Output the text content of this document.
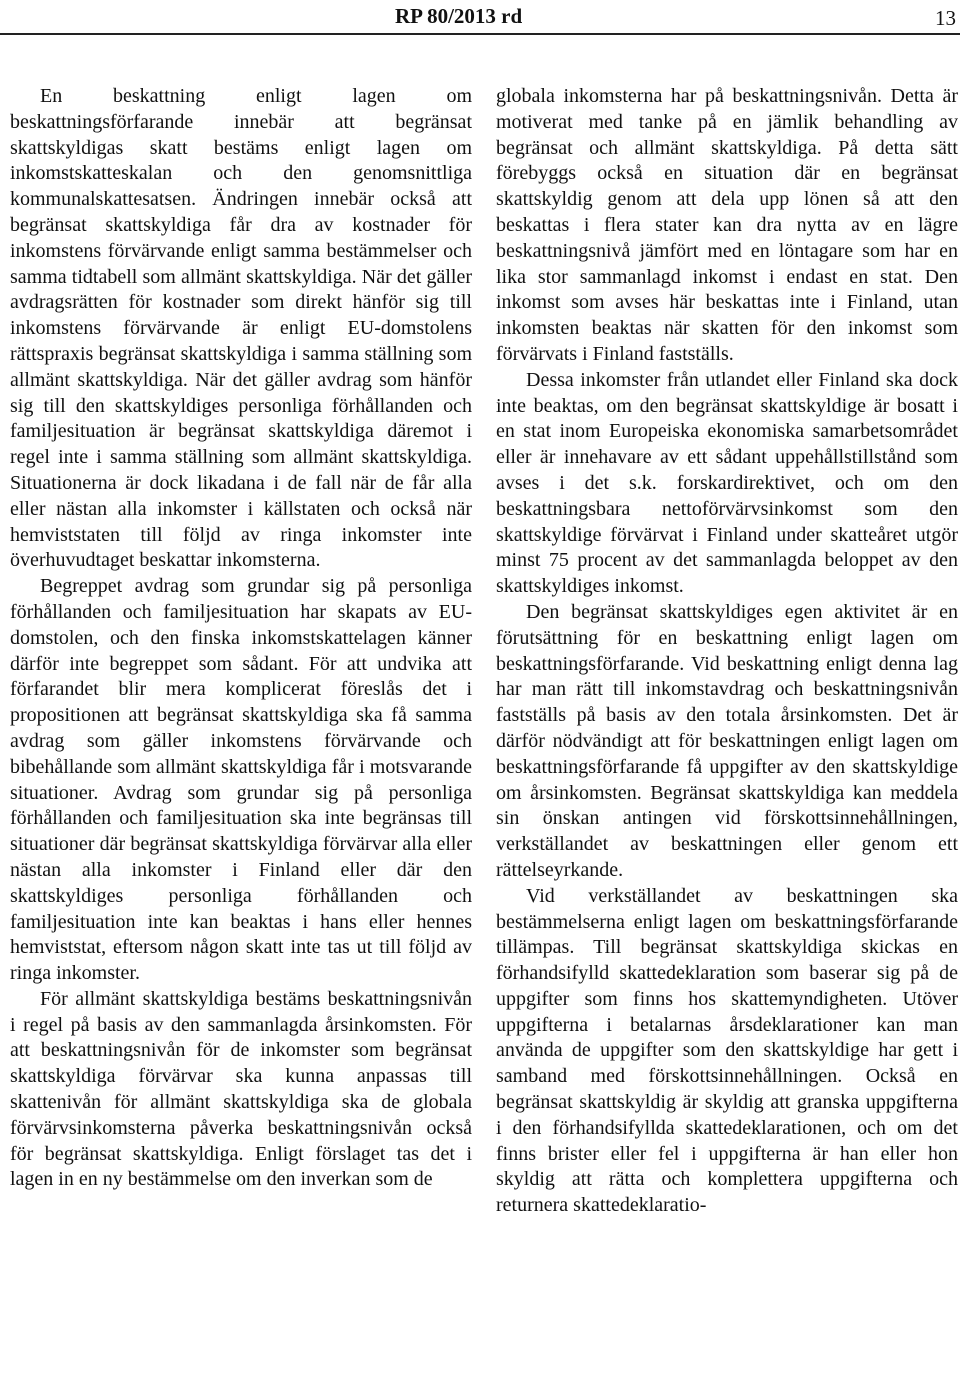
RP 80/2013 rd	13

En beskattning enligt lagen om beskattningsförfarande innebär att begränsat skattskyldigas skatt bestäms enligt lagen om inkomstskatteskalan och den genomsnittliga kommunalskattesatsen. Ändringen innebär också att begränsat skattskyldiga får dra av kostnader för inkomstens förvärvande enligt samma bestämmelser och samma tidtabell som allmänt skattskyldiga. När det gäller avdragsrätten för kostnader som direkt hänför sig till inkomstens förvärvande är enligt EU-domstolens rättspraxis begränsat skattskyldiga i samma ställning som allmänt skattskyldiga. När det gäller avdrag som hänför sig till den skattskyldiges personliga förhållanden och familjesituation är begränsat skattskyldiga däremot i regel inte i samma ställning som allmänt skattskyldiga. Situationerna är dock likadana i de fall när de får alla eller nästan alla inkomster i källstaten och också när hemviststaten till följd av ringa inkomster inte överhuvudtaget beskattar inkomsterna.

Begreppet avdrag som grundar sig på personliga förhållanden och familjesituation har skapats av EU-domstolen, och den finska inkomstskattelagen känner därför inte begreppet som sådant. För att undvika att förfarandet blir mera komplicerat föreslås det i propositionen att begränsat skattskyldiga ska få samma avdrag som gäller inkomstens förvärvande och bibehållande som allmänt skattskyldiga får i motsvarande situationer. Avdrag som grundar sig på personliga förhållanden och familjesituation ska inte begränsas till situationer där begränsat skattskyldiga förvärvar alla eller nästan alla inkomster i Finland eller där den skattskyldiges personliga förhållanden och familjesituation inte kan beaktas i hans eller hennes hemviststat, eftersom någon skatt inte tas ut till följd av ringa inkomster.

För allmänt skattskyldiga bestäms beskattningsnivån i regel på basis av den sammanlagda årsinkomsten. För att beskattningsnivån för de inkomster som begränsat skattskyldiga förvärvar ska kunna anpassas till skattenivån för allmänt skattskyldiga ska de globala förvärvsinkomsterna påverka beskattningsnivån också för begränsat skattskyldiga. Enligt förslaget tas det i lagen in en ny bestämmelse om den inverkan som de

globala inkomsterna har på beskattningsnivån. Detta är motiverat med tanke på en jämlik behandling av begränsat och allmänt skattskyldiga. På detta sätt förebyggs också en situation där en begränsat skattskyldig genom att dela upp lönen så att den beskattas i flera stater kan dra nytta av en lägre beskattningsnivå jämfört med en löntagare som har en lika stor sammanlagd inkomst i endast en stat. Den inkomst som avses här beskattas inte i Finland, utan inkomsten beaktas när skatten för den inkomst som förvärvats i Finland fastställs.

Dessa inkomster från utlandet eller Finland ska dock inte beaktas, om den begränsat skattskyldige är bosatt i en stat inom Europeiska ekonomiska samarbetsområdet eller är innehavare av ett sådant uppehållstillstånd som avses i det s.k. forskardirektivet, och om den beskattningsbara nettoförvärvsinkomst som den skattskyldige förvärvat i Finland under skatteåret utgör minst 75 procent av det sammanlagda beloppet av den skattskyldiges inkomst.

Den begränsat skattskyldiges egen aktivitet är en förutsättning för en beskattning enligt lagen om beskattningsförfarande. Vid beskattning enligt denna lag har man rätt till inkomstavdrag och beskattningsnivån fastställs på basis av den totala årsinkomsten. Det är därför nödvändigt att för beskattningen enligt lagen om beskattningsförfarande få uppgifter av den skattskyldige om årsinkomsten. Begränsat skattskyldiga kan meddela sin önskan antingen vid förskottsinnehållningen, verkställandet av beskattningen eller genom ett rättelseyrkande.

Vid verkställandet av beskattningen ska bestämmelserna enligt lagen om beskattningsförfarande tillämpas. Till begränsat skattskyldiga skickas en förhandsifylld skattedeklaration som baserar sig på de uppgifter som finns hos skattemyndigheten. Utöver uppgifterna i betalarnas årsdeklarationer kan man använda de uppgifter som den skattskyldige har gett i samband med förskottsinnehållningen. Också en begränsat skattskyldig är skyldig att granska uppgifterna i den förhandsifyllda skattedeklarationen, och om det finns brister eller fel i uppgifterna är han eller hon skyldig att rätta och komplettera uppgifterna och returnera skattedeklaratio-
